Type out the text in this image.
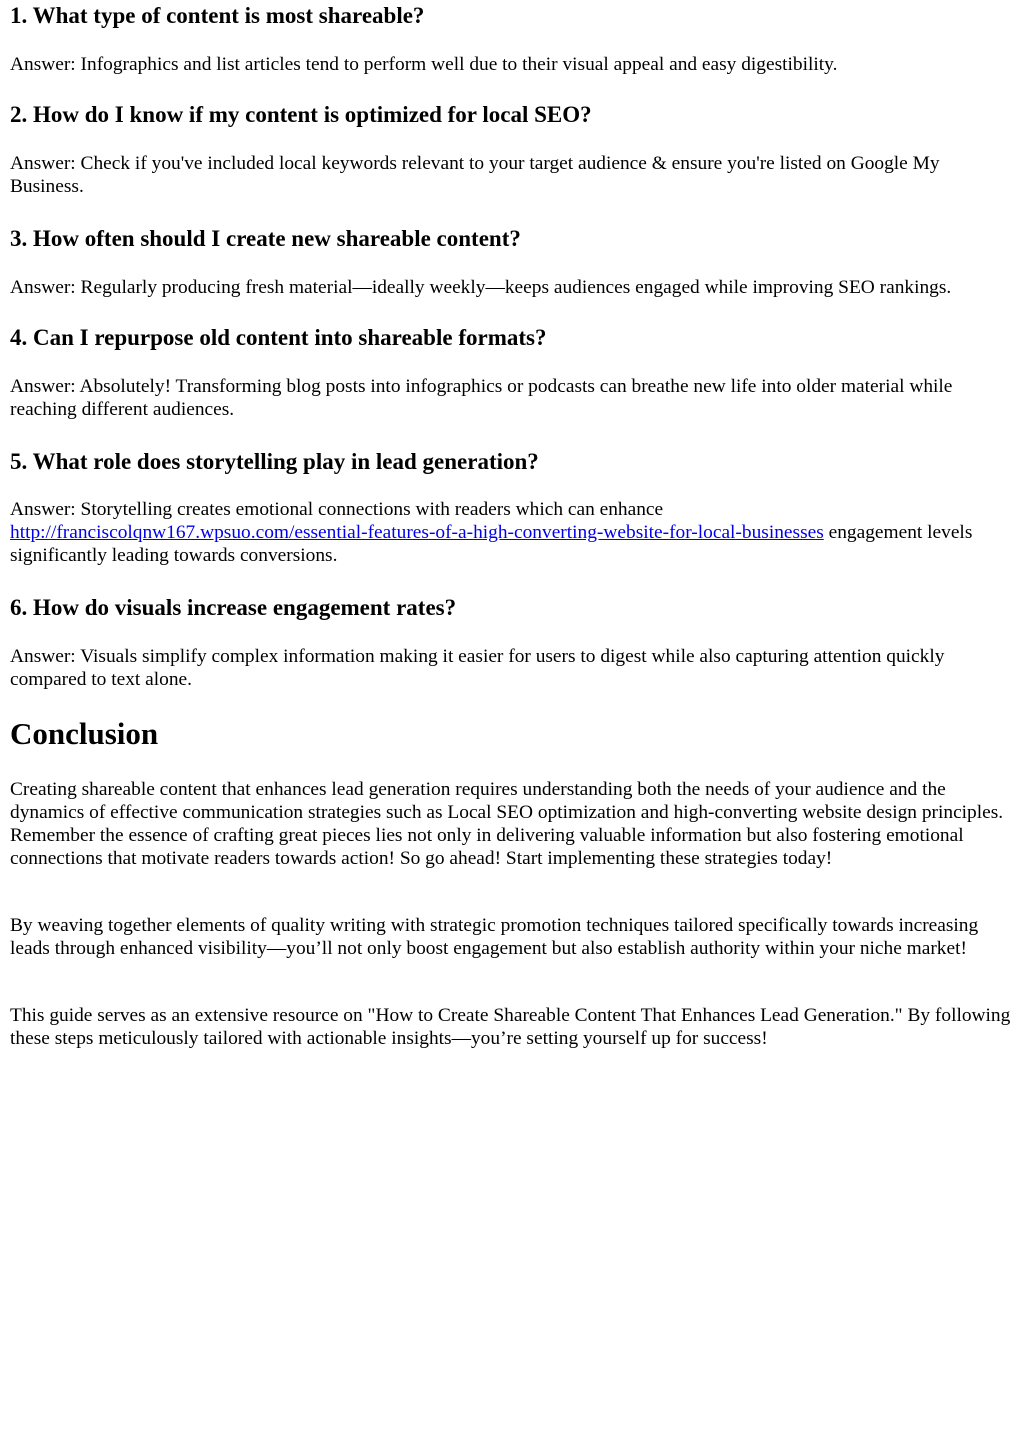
1. What type of content is most shareable?

Answer: Infographics and list articles tend to perform well due to their visual appeal and easy digestibility.

2. How do I know if my content is optimized for local SEO?

Answer: Check if you've included local keywords relevant to your target audience & ensure you're listed on Google My Business.

3. How often should I create new shareable content?

Answer: Regularly producing fresh material—ideally weekly—keeps audiences engaged while improving SEO rankings.

4. Can I repurpose old content into shareable formats?

Answer: Absolutely! Transforming blog posts into infographics or podcasts can breathe new life into older material while reaching different audiences.

5. What role does storytelling play in lead generation?

Answer: Storytelling creates emotional connections with readers which can enhance http://franciscolqnw167.wpsuo.com/essential-features-of-a-high-converting-website-for-local-businesses engagement levels significantly leading towards conversions.

6. How do visuals increase engagement rates?

Answer: Visuals simplify complex information making it easier for users to digest while also capturing attention quickly compared to text alone.

Conclusion

Creating shareable content that enhances lead generation requires understanding both the needs of your audience and the dynamics of effective communication strategies such as Local SEO optimization and high-converting website design principles. Remember the essence of crafting great pieces lies not only in delivering valuable information but also fostering emotional connections that motivate readers towards action! So go ahead! Start implementing these strategies today!

By weaving together elements of quality writing with strategic promotion techniques tailored specifically towards increasing leads through enhanced visibility—you’ll not only boost engagement but also establish authority within your niche market!

This guide serves as an extensive resource on "How to Create Shareable Content That Enhances Lead Generation." By following these steps meticulously tailored with actionable insights—you’re setting yourself up for success!
